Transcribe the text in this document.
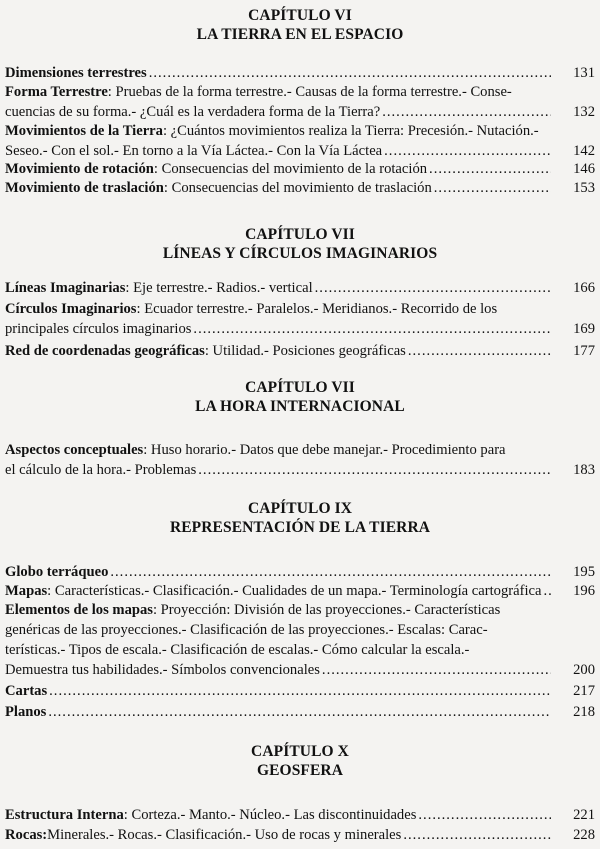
CAPÍTULO VI
LA TIERRA EN EL ESPACIO
Dimensiones terrestres .....	131
Forma Terrestre: Pruebas de la forma terrestre.- Causas de la forma terrestre.- Conse-
cuencias de su forma.- ¿Cuál es la verdadera forma de la Tierra? .....	132
Movimientos de la Tierra: ¿Cuántos movimientos realiza la Tierra: Precesión.- Nutación.-
Seseo.- Con el sol.- En torno a la Vía Láctea.- Con la Vía Láctea .....	142
Movimiento de rotación : Consecuencias del movimiento de la rotación .....	146
Movimiento de traslación : Consecuencias del movimiento de traslación .....	153
CAPÍTULO VII
LÍNEAS Y CÍRCULOS IMAGINARIOS
Líneas Imaginarias : Eje terrestre.- Radios.- vertical .....	166
Círculos Imaginarios: Ecuador terrestre.- Paralelos.- Meridianos.- Recorrido de los
principales círculos imaginarios .....	169
Red de coordenadas geográficas : Utilidad.- Posiciones geográficas .....	177
CAPÍTULO VII
LA HORA INTERNACIONAL
Aspectos conceptuales: Huso horario.- Datos que debe manejar.- Procedimiento para
el cálculo de la hora.- Problemas .....	183
CAPÍTULO IX
REPRESENTACIÓN DE LA TIERRA
Globo terráqueo .....	195
Mapas : Características.- Clasificación.- Cualidades de un mapa.- Terminología cartográfica .....	196
Elementos de los mapas: Proyección: División de las proyecciones.- Características
genéricas de las proyecciones.- Clasificación de las proyecciones.- Escalas: Carac-
terísticas.- Tipos de escala.- Clasificación de escalas.- Cómo calcular la escala.-
Demuestra tus habilidades.- Símbolos convencionales .....	200
Cartas .....	217
Planos .....	218
CAPÍTULO X
GEOSFERA
Estructura Interna : Corteza.- Manto.- Núcleo.- Las discontinuidades .....	221
Rocas: Minerales.- Rocas.- Clasificación.- Uso de rocas y minerales .....	228
